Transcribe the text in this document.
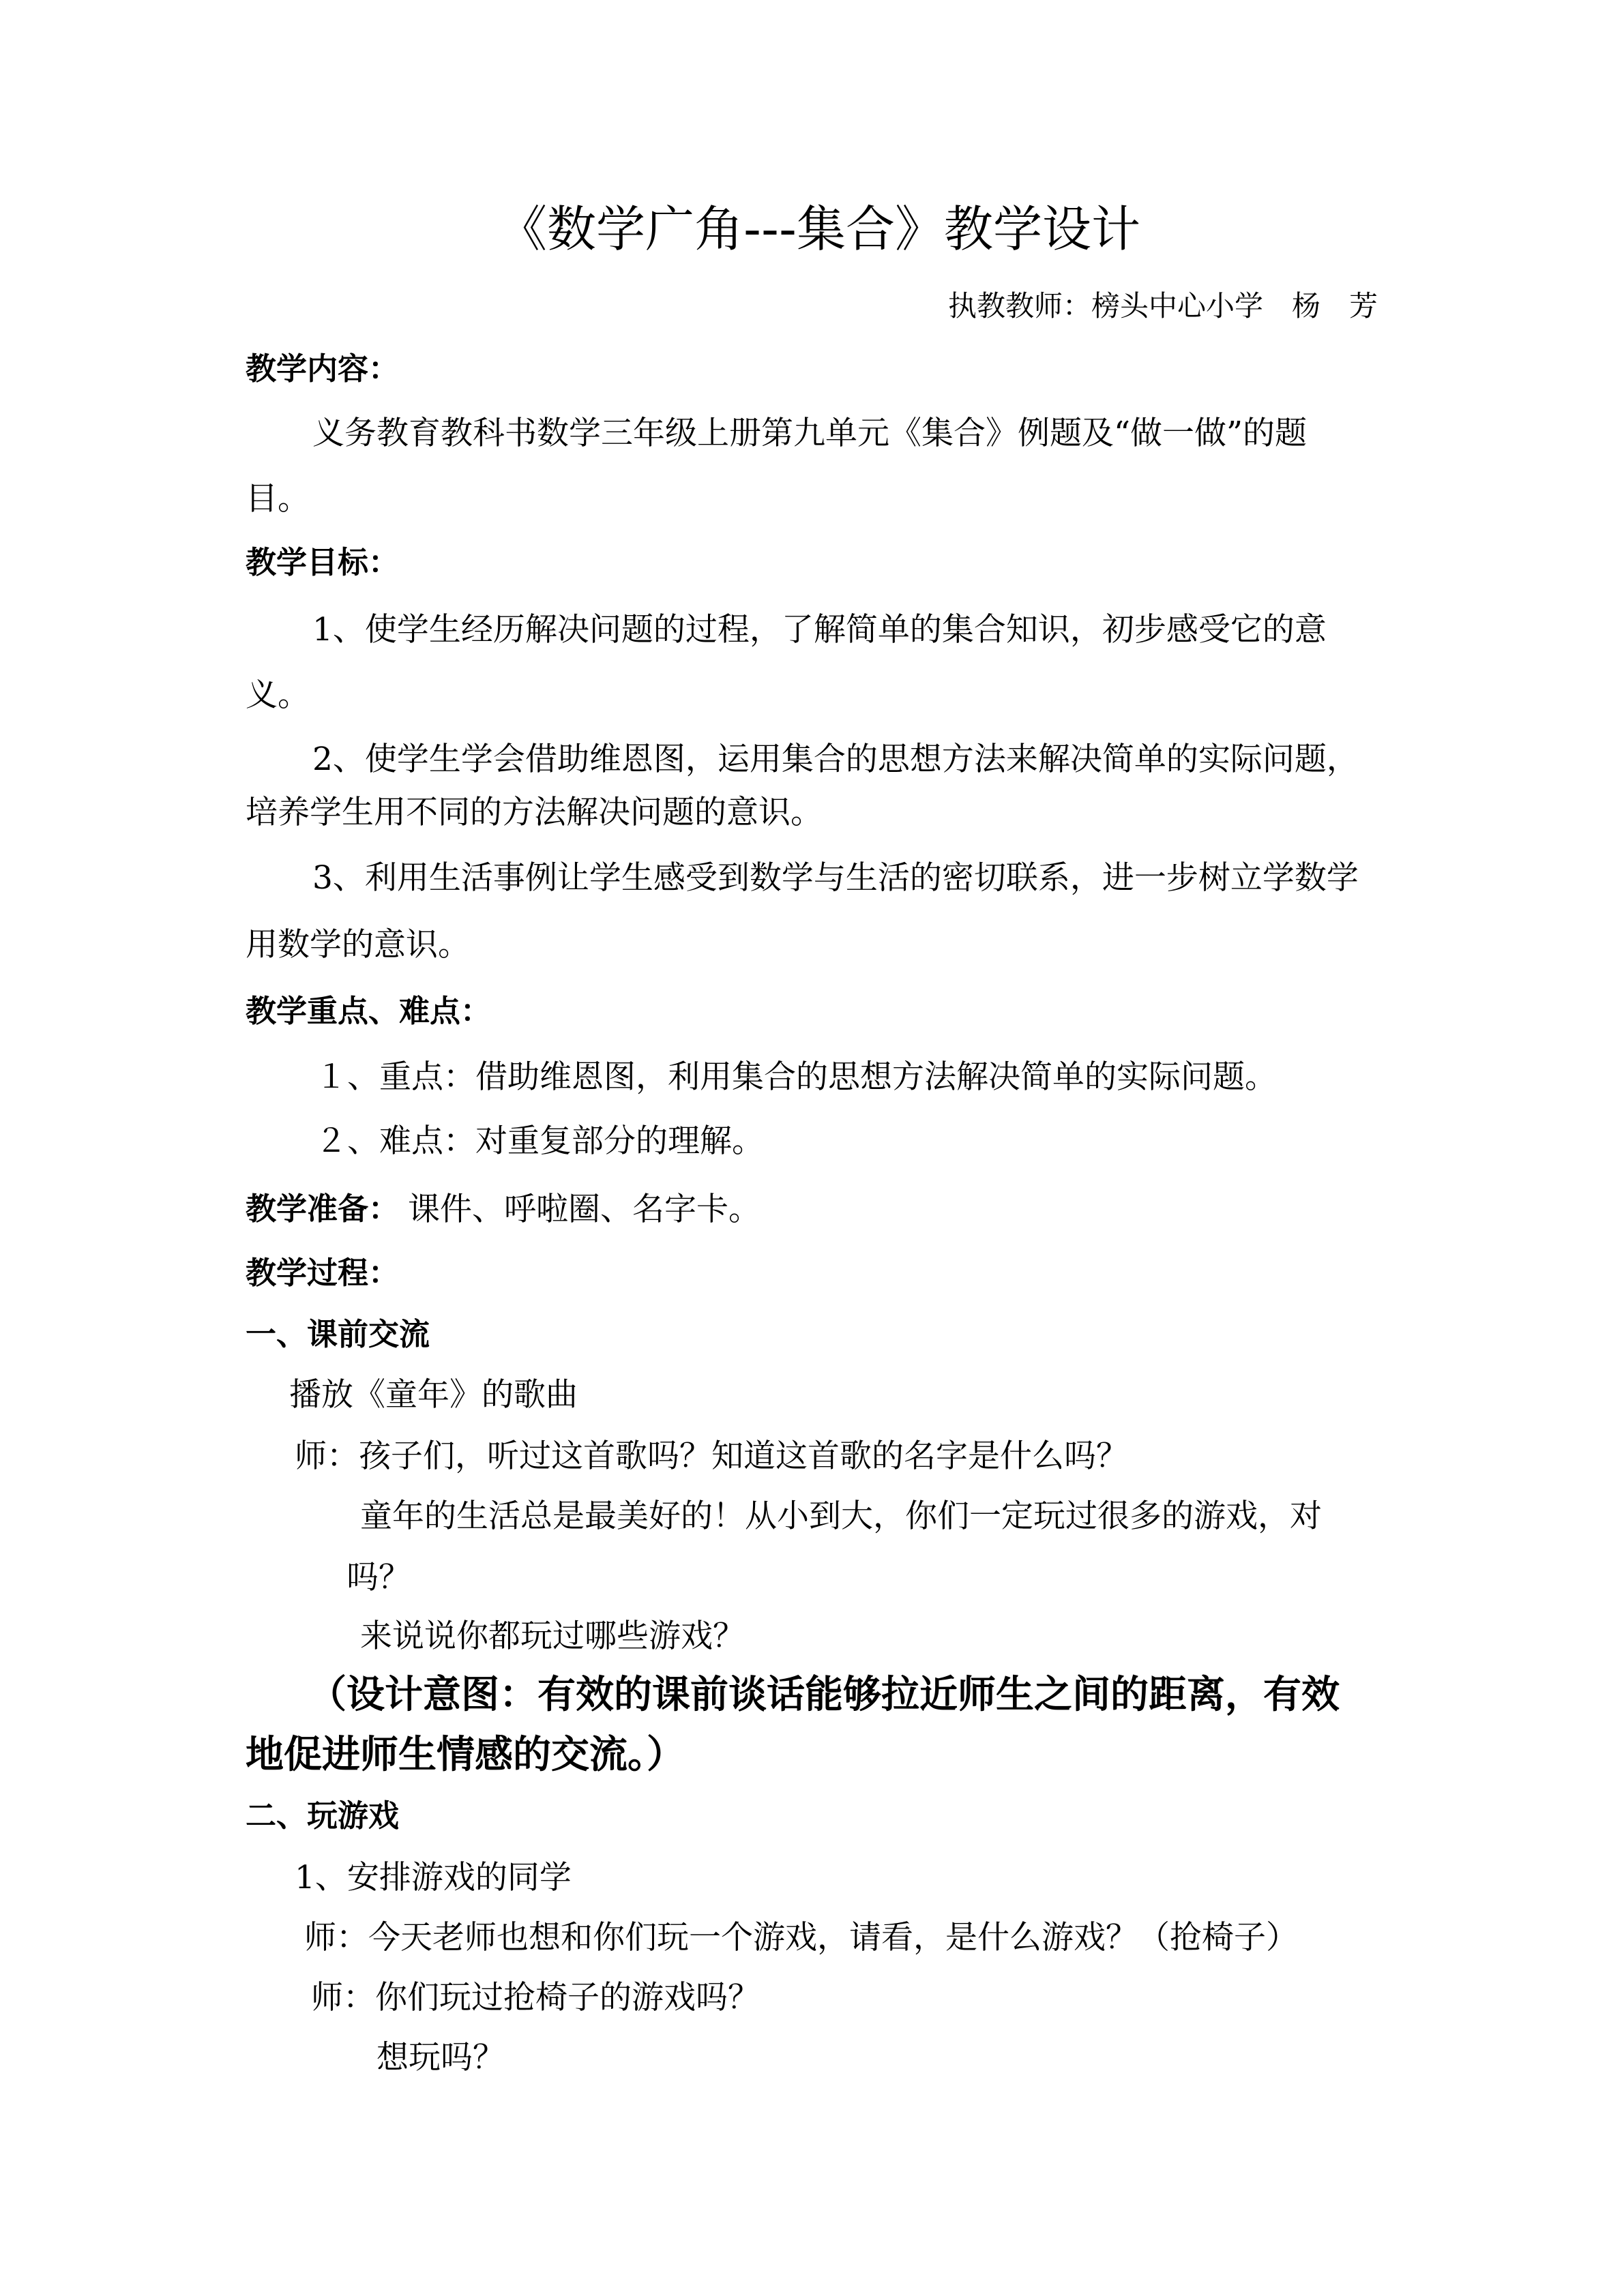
《数学广角---集合》教学设计
执教教师：榜头中心小学　杨　芳
教学内容：
义务教育教科书数学三年级上册第九单元《集合》例题及“做一做”的题
目。
教学目标：
1、使学生经历解决问题的过程，了解简单的集合知识，初步感受它的意
义。
2、使学生学会借助维恩图，运用集合的思想方法来解决简单的实际问题，
培养学生用不同的方法解决问题的意识。
3、利用生活事例让学生感受到数学与生活的密切联系，进一步树立学数学
用数学的意识。
教学重点、难点：
１、重点：借助维恩图，利用集合的思想方法解决简单的实际问题。
２、难点：对重复部分的理解。
教学准备： 课件、呼啦圈、名字卡。
教学过程：
一、课前交流
播放《童年》的歌曲
师：孩子们，听过这首歌吗？知道这首歌的名字是什么吗？
童年的生活总是最美好的！从小到大，你们一定玩过很多的游戏，对
吗？
来说说你都玩过哪些游戏？
（设计意图：有效的课前谈话能够拉近师生之间的距离，有效
地促进师生情感的交流。）
二、玩游戏
1、安排游戏的同学
师：今天老师也想和你们玩一个游戏，请看，是什么游戏？（抢椅子）
师：你们玩过抢椅子的游戏吗？
想玩吗？
